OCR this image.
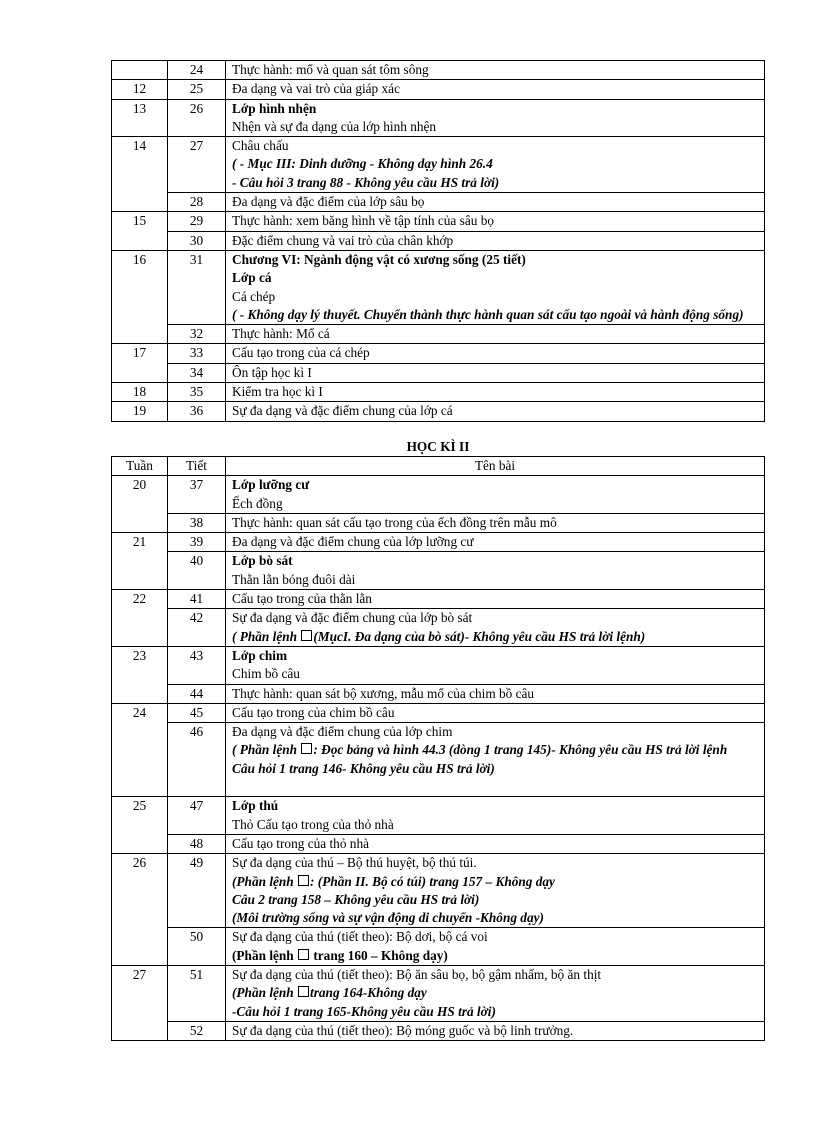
	24	Thực hành: mổ và quan sát tôm sông

12	25	Đa dạng và vai trò của giáp xác

13	26	Lớp hình nhện
Nhện và sự đa dạng của lớp hình nhện

14	27	Châu chấu
( - Mục III: Dinh dưỡng - Không dạy hình 26.4
- Câu hỏi 3 trang 88 - Không yêu cầu HS trả lời)

	28	Đa dạng và đặc điểm của lớp sâu bọ

15	29	Thực hành: xem băng hình về tập tính của sâu bọ

	30	Đặc điểm chung và vai trò của chân khớp

16	31	Chương VI: Ngành động vật có xương sống (25 tiết)
Lớp cá
Cá chép
( - Không dạy lý thuyết. Chuyển thành thực hành quan sát cấu tạo ngoài và hành động sống)

	32	Thực hành: Mổ cá

17	33	Cấu tạo trong của cá chép

	34	Ôn tập học kì I

18	35	Kiểm tra học kì I

19	36	Sự đa dạng và đặc điểm chung của lớp cá
HỌC KÌ II
Tuần	Tiết	Tên bài
20	37	Lớp lưỡng cư
Ếch đồng

	38	Thực hành: quan sát cấu tạo trong của ếch đồng trên mẫu mô

21	39	Đa dạng và đặc điểm chung của lớp lưỡng cư

	40	Lớp bò sát
Thằn lằn bóng đuôi dài

22	41	Cấu tạo trong của thằn lằn

	42	Sự đa dạng và đặc điểm chung của lớp bò sát
( Phần lệnh (MụcI. Đa dạng của bò sát)- Không yêu cầu HS trả lời lệnh)

23	43	Lớp chim
Chim bồ câu

	44	Thực hành: quan sát bộ xương, mẫu mổ của chim bồ câu

24	45	Cấu tạo trong của chim bồ câu

	46	Đa dạng và đặc điểm chung của lớp chim
( Phần lệnh : Đọc bảng và hình 44.3 (dòng 1 trang 145)- Không yêu cầu HS trả lời lệnh
Câu hỏi 1 trang 146- Không yêu cầu HS trả lời)

25	47	Lớp thú
Thỏ Cấu tạo trong của thỏ nhà

	48	Cấu tạo trong của thỏ nhà

26	49	Sự đa dạng của thú – Bộ thú huyệt, bộ thú túi.
(Phần lệnh : (Phần II. Bộ có túi) trang 157 – Không dạy
Câu 2 trang 158 – Không yêu cầu HS trả lời)
(Môi trường sống và sự vận động di chuyển -Không dạy)

	50	Sự đa dạng của thú (tiết theo): Bộ dơi, bộ cá voi
(Phần lệnh  trang 160 – Không dạy)

27	51	Sự đa dạng của thú (tiết theo): Bộ ăn sâu bọ, bộ gậm nhấm, bộ ăn thịt
(Phần lệnh trang 164-Không dạy
-Câu hỏi 1 trang 165-Không yêu cầu HS trả lời)

	52	Sự đa dạng của thú (tiết theo): Bộ móng guốc và bộ linh trưởng.
